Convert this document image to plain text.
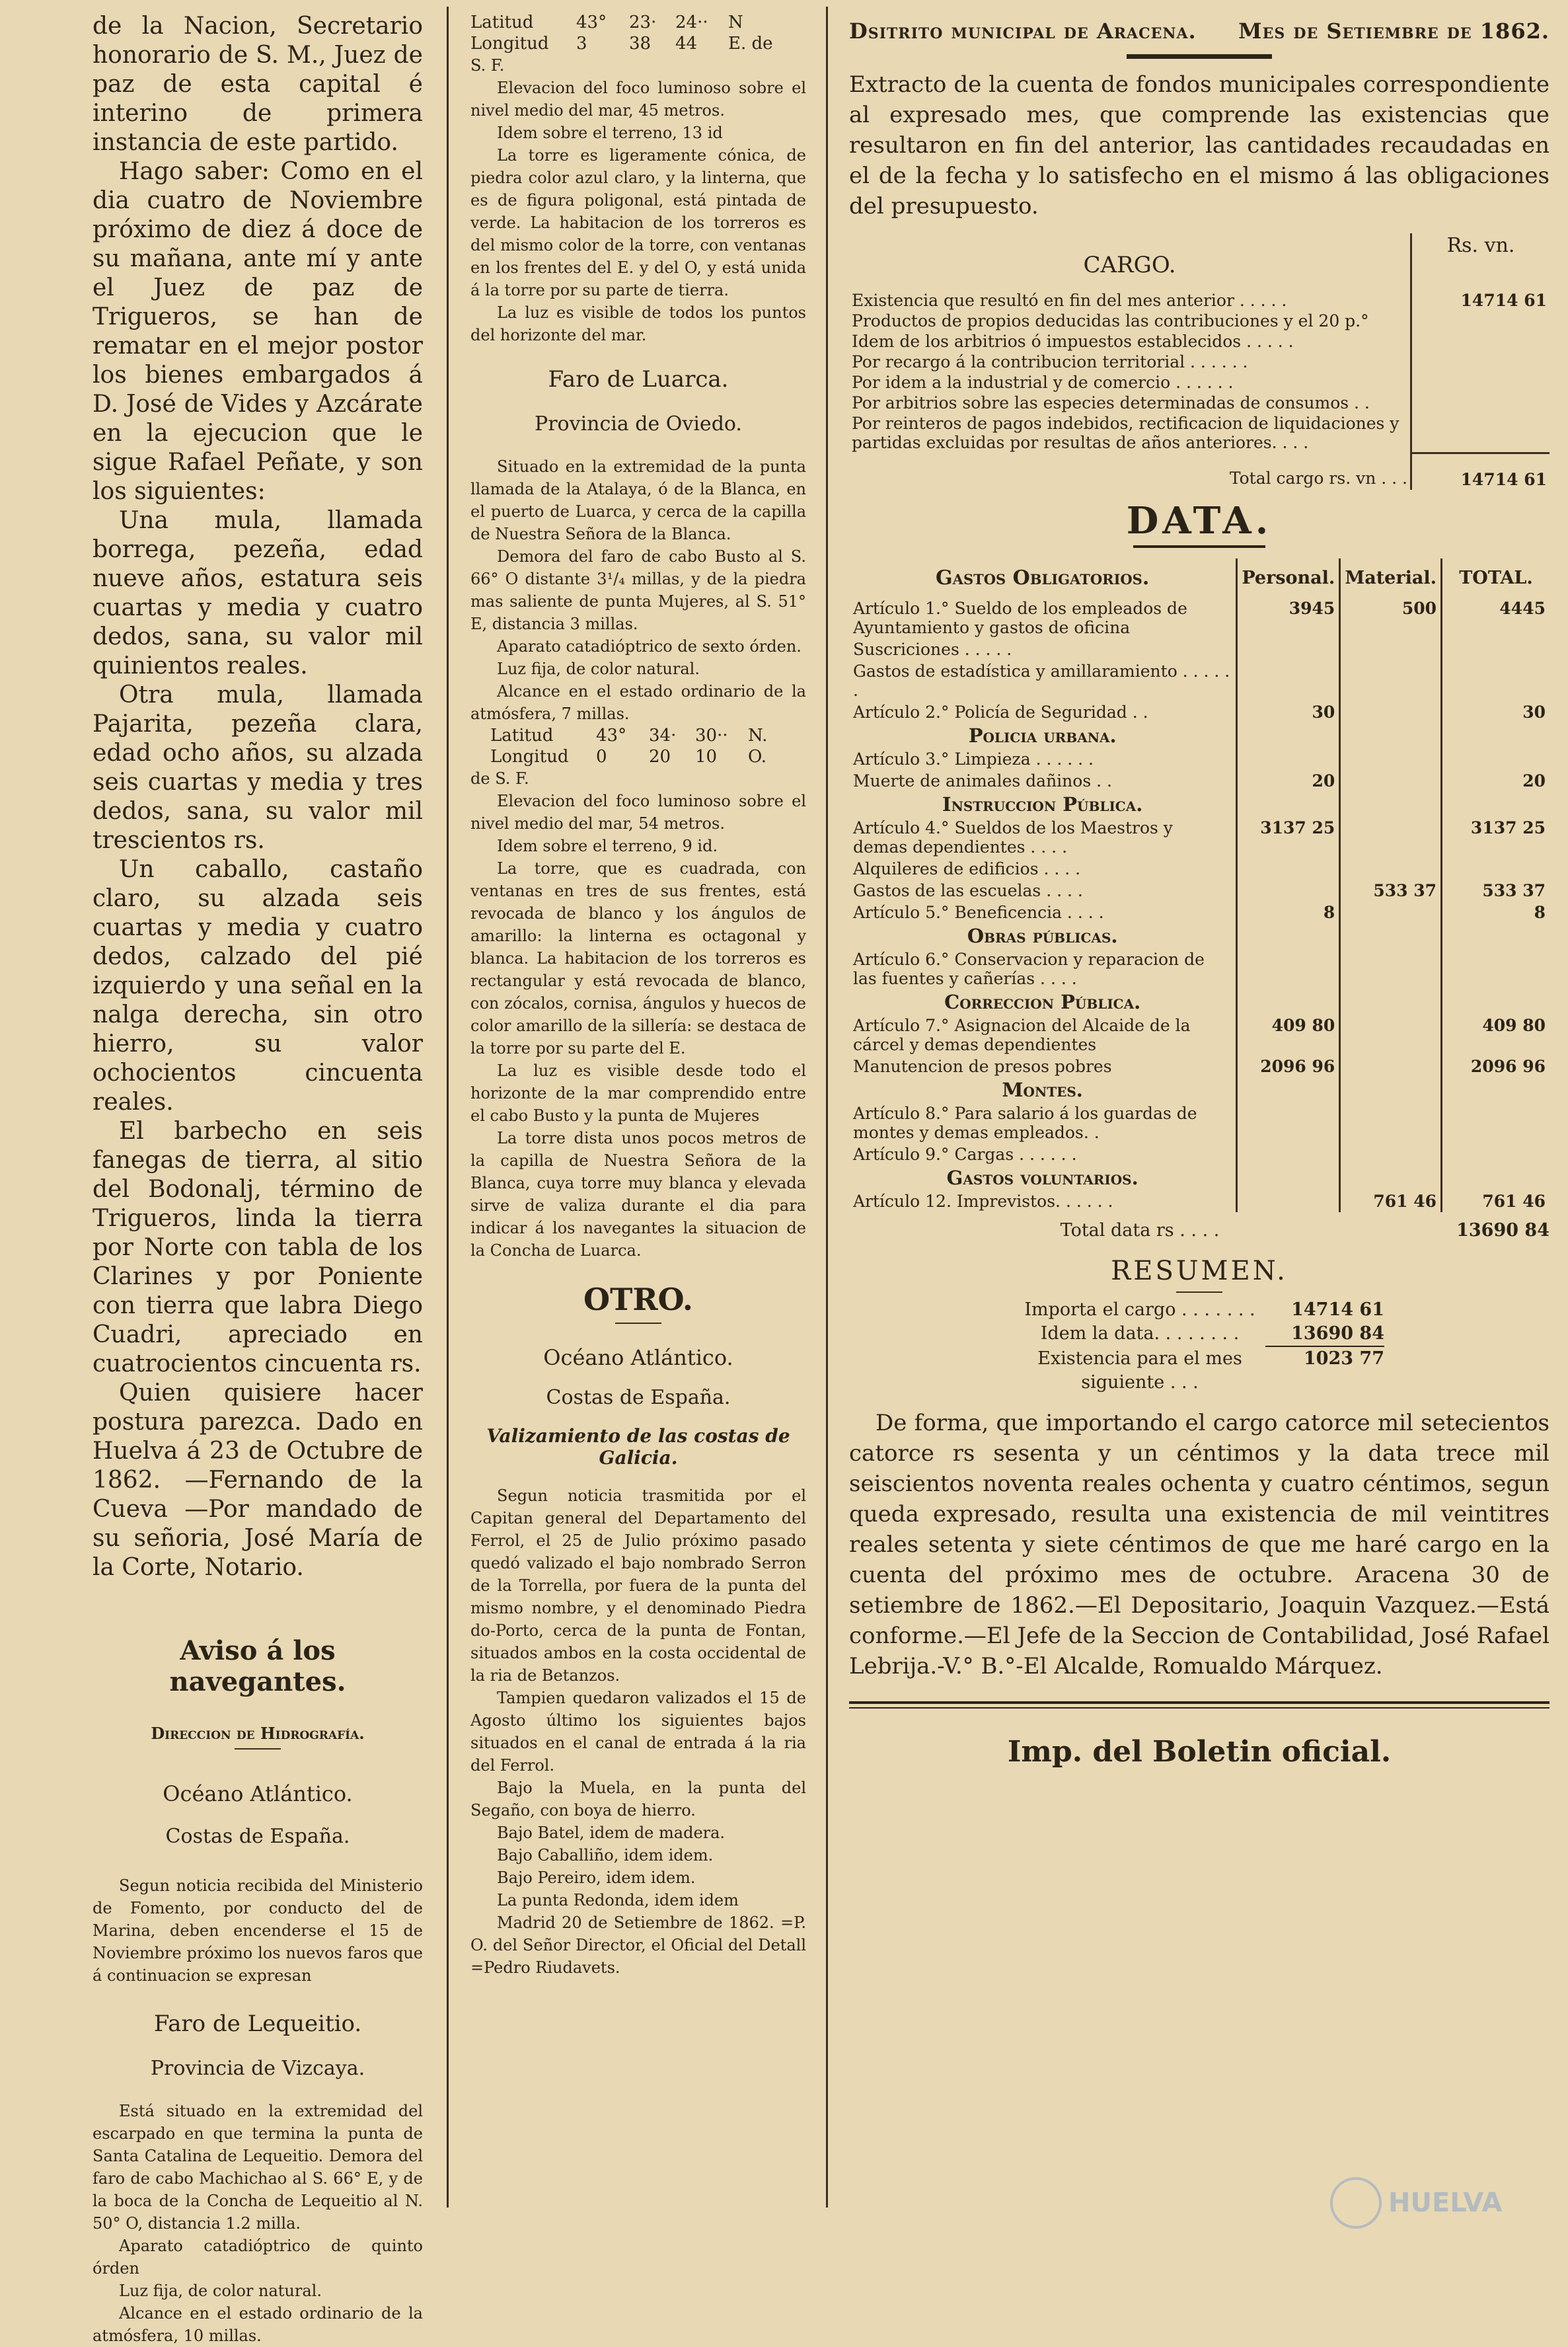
de la Nacion, Secretario honorario de S. M., Juez de paz de esta capital é interino de primera instancia de este partido.

Hago saber: Como en el dia cuatro de Noviembre próximo de diez á doce de su mañana, ante mí y ante el Juez de paz de Trigueros, se han de rematar en el mejor postor los bienes embargados á D. José de Vides y Azcárate en la ejecucion que le sigue Rafael Peñate, y son los siguientes:

Una mula, llamada borrega, pezeña, edad nueve años, estatura seis cuartas y media y cuatro dedos, sana, su valor mil quinientos reales.

Otra mula, llamada Pajarita, pezeña clara, edad ocho años, su alzada seis cuartas y media y tres dedos, sana, su valor mil trescientos rs.

Un caballo, castaño claro, su alzada seis cuartas y media y cuatro dedos, calzado del pié izquierdo y una señal en la nalga derecha, sin otro hierro, su valor ochocientos cincuenta reales.

El barbecho en seis fanegas de tierra, al sitio del Bodonalj, término de Trigueros, linda la tierra por Norte con tabla de los Clarines y por Poniente con tierra que labra Diego Cuadri, apreciado en cuatrocientos cincuenta rs.

Quien quisiere hacer postura parezca. Dado en Huelva á 23 de Octubre de 1862. —Fernando de la Cueva —Por mandado de su señoria, José María de la Corte, Notario.

Aviso á los navegantes.

Direccion de Hidrografía.

Océano Atlántico.

Costas de España.

Segun noticia recibida del Ministerio de Fomento, por conducto del de Marina, deben encenderse el 15 de Noviembre próximo los nuevos faros que á continuacion se expresan

Faro de Lequeitio.

Provincia de Vizcaya.

Está situado en la extremidad del escarpado en que termina la punta de Santa Catalina de Lequeitio. Demora del faro de cabo Machichao al S. 66° E, y de la boca de la Concha de Lequeitio al N. 50° O, distancia 1.2 milla.

Aparato catadióptrico de quinto órden

Luz fija, de color natural.

Alcance en el estado ordinario de la atmósfera, 10 millas.

Latitud	43°	23·	24··	N
Longitud	3	38	44	E. de

S. F.

Elevacion del foco luminoso sobre el nivel medio del mar, 45 metros.

Idem sobre el terreno, 13 id

La torre es ligeramente cónica, de piedra color azul claro, y la linterna, que es de figura poligonal, está pintada de verde. La habitacion de los torreros es del mismo color de la torre, con ventanas en los frentes del E. y del O, y está unida á la torre por su parte de tierra.

La luz es visible de todos los puntos del horizonte del mar.

Faro de Luarca.

Provincia de Oviedo.

Situado en la extremidad de la punta llamada de la Atalaya, ó de la Blanca, en el puerto de Luarca, y cerca de la capilla de Nuestra Señora de la Blanca.

Demora del faro de cabo Busto al S. 66° O distante 3¹/₄ millas, y de la piedra mas saliente de punta Mujeres, al S. 51° E, distancia 3 millas.

Aparato catadióptrico de sexto órden.

Luz fija, de color natural.

Alcance en el estado ordinario de la atmósfera, 7 millas.

Latitud	43°	34·	30··	N.
Longitud	0	20	10	O.

de S. F.

Elevacion del foco luminoso sobre el nivel medio del mar, 54 metros.

Idem sobre el terreno, 9 id.

La torre, que es cuadrada, con ventanas en tres de sus frentes, está revocada de blanco y los ángulos de amarillo: la linterna es octagonal y blanca. La habitacion de los torreros es rectangular y está revocada de blanco, con zócalos, cornisa, ángulos y huecos de color amarillo de la sillería: se destaca de la torre por su parte del E.

La luz es visible desde todo el horizonte de la mar comprendido entre el cabo Busto y la punta de Mujeres

La torre dista unos pocos metros de la capilla de Nuestra Señora de la Blanca, cuya torre muy blanca y elevada sirve de valiza durante el dia para indicar á los navegantes la situacion de la Concha de Luarca.

OTRO.

Océano Atlántico.

Costas de España.

Valizamiento de las costas de Galicia.

Segun noticia trasmitida por el Capitan general del Departamento del Ferrol, el 25 de Julio próximo pasado quedó valizado el bajo nombrado Serron de la Torrella, por fuera de la punta del mismo nombre, y el denominado Piedra do-Porto, cerca de la punta de Fontan, situados ambos en la costa occidental de la ria de Betanzos.

Tampien quedaron valizados el 15 de Agosto último los siguientes bajos situados en el canal de entrada á la ria del Ferrol.

Bajo la Muela, en la punta del Segaño, con boya de hierro.

Bajo Batel, idem de madera.

Bajo Caballiño, idem idem.

Bajo Pereiro, idem idem.

La punta Redonda, idem idem

Madrid 20 de Setiembre de 1862. =P. O. del Señor Director, el Oficial del Detall =Pedro Riudavets.

Dsitrito municipal de Aracena. Mes de Setiembre de 1862.

Extracto de la cuenta de fondos municipales correspondiente al expresado mes, que comprende las existencias que resultaron en fin del anterior, las cantidades recaudadas en el de la fecha y lo satisfecho en el mismo á las obligaciones del presupuesto.

CARGO.	Rs. vn.
Existencia que resultó en fin del mes anterior . . . . .	14714 61
Productos de propios deducidas las contribuciones y el 20 p.°	
Idem de los arbitrios ó impuestos establecidos . . . . .	
Por recargo á la contribucion territorial . . . . . .	
Por idem a la industrial y de comercio . . . . . .	
Por arbitrios sobre las especies determinadas de consumos . .	
Por reinteros de pagos indebidos, rectificacion de liquidaciones y partidas excluidas por resultas de años anteriores. . . .	
Total cargo rs. vn . . .	14714 61

DATA.

Gastos Obligatorios.	Personal.	Material.	TOTAL.
Artículo 1.° Sueldo de los empleados de Ayuntamiento y gastos de oficina	3945	500	4445
Suscriciones . . . . .			
Gastos de estadística y amillaramiento . . . . . .			
Artículo 2.° Policía de Seguridad . .	30		30
Policia urbana.			
Artículo 3.° Limpieza . . . . . .			
Muerte de animales dañinos . .	20		20
Instruccion Pública.			
Artículo 4.° Sueldos de los Maestros y demas dependientes . . . .	3137 25		3137 25
Alquileres de edificios . . . .			
Gastos de las escuelas . . . .		533 37	533 37
Artículo 5.° Beneficencia . . . .	8		8
Obras públicas.			
Artículo 6.° Conservacion y reparacion de las fuentes y cañerías . . . .			
Correccion Pública.			
Artículo 7.° Asignacion del Alcaide de la cárcel y demas dependientes	409 80		409 80
Manutencion de presos pobres	2096 96		2096 96
Montes.			
Artículo 8.° Para salario á los guardas de montes y demas empleados. .			
Artículo 9.° Cargas . . . . . .			
Gastos voluntarios.			
Artículo 12. Imprevistos. . . . . .		761 46	761 46
Total data rs . . . .	13690 84

RESUMEN.

Importa el cargo . . . . . . .	14714 61
Idem la data. . . . . . . .	13690 84
Existencia para el mes siguiente . . .
1023 77

De forma, que importando el cargo catorce mil setecientos catorce rs sesenta y un céntimos y la data trece mil seiscientos noventa reales ochenta y cuatro céntimos, segun queda expresado, resulta una existencia de mil veintitres reales setenta y siete céntimos de que me haré cargo en la cuenta del próximo mes de octubre. Aracena 30 de setiembre de 1862.—El Depositario, Joaquin Vazquez.—Está conforme.—El Jefe de la Seccion de Contabilidad, José Rafael Lebrija.-V.° B.°-El Alcalde, Romualdo Márquez.

Imp. del Boletin oficial.

HUELVA
